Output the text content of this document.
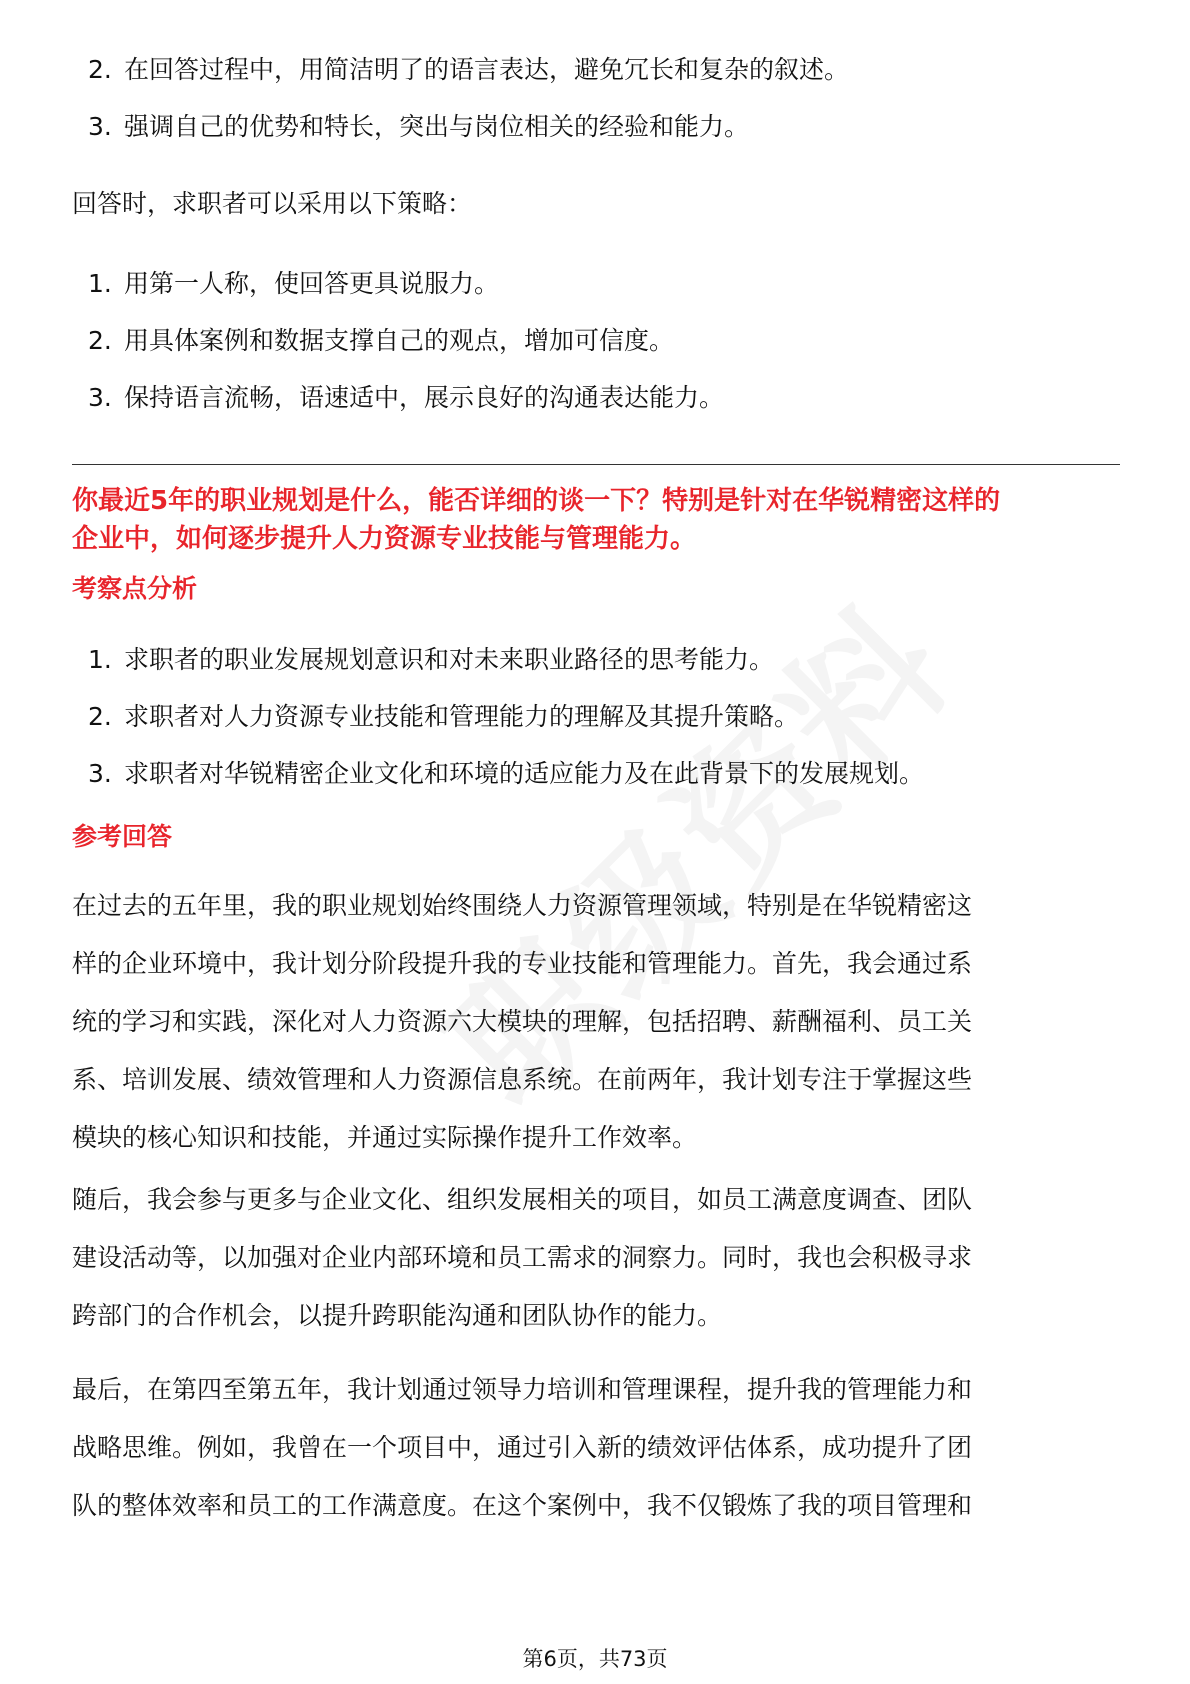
2. 在回答过程中，用简洁明了的语言表达，避免冗长和复杂的叙述。
3. 强调自己的优势和特长，突出与岗位相关的经验和能力。

回答时，求职者可以采用以下策略：

1. 用第一人称，使回答更具说服力。
2. 用具体案例和数据支撑自己的观点，增加可信度。
3. 保持语言流畅，语速适中，展示良好的沟通表达能力。

你最近5年的职业规划是什么，能否详细的谈一下？特别是针对在华锐精密这样的

企业中，如何逐步提升人力资源专业技能与管理能力。

考察点分析

1. 求职者的职业发展规划意识和对未来职业路径的思考能力。
2. 求职者对人力资源专业技能和管理能力的理解及其提升策略。
3. 求职者对华锐精密企业文化和环境的适应能力及在此背景下的发展规划。

参考回答

在过去的五年里，我的职业规划始终围绕人力资源管理领域，特别是在华锐精密这

样的企业环境中，我计划分阶段提升我的专业技能和管理能力。首先，我会通过系

统的学习和实践，深化对人力资源六大模块的理解，包括招聘、薪酬福利、员工关

系、培训发展、绩效管理和人力资源信息系统。在前两年，我计划专注于掌握这些

模块的核心知识和技能，并通过实际操作提升工作效率。

随后，我会参与更多与企业文化、组织发展相关的项目，如员工满意度调查、团队

建设活动等，以加强对企业内部环境和员工需求的洞察力。同时，我也会积极寻求

跨部门的合作机会，以提升跨职能沟通和团队协作的能力。

最后，在第四至第五年，我计划通过领导力培训和管理课程，提升我的管理能力和

战略思维。例如，我曾在一个项目中，通过引入新的绩效评估体系，成功提升了团

队的整体效率和员工的工作满意度。在这个案例中，我不仅锻炼了我的项目管理和

第6页，共73页
